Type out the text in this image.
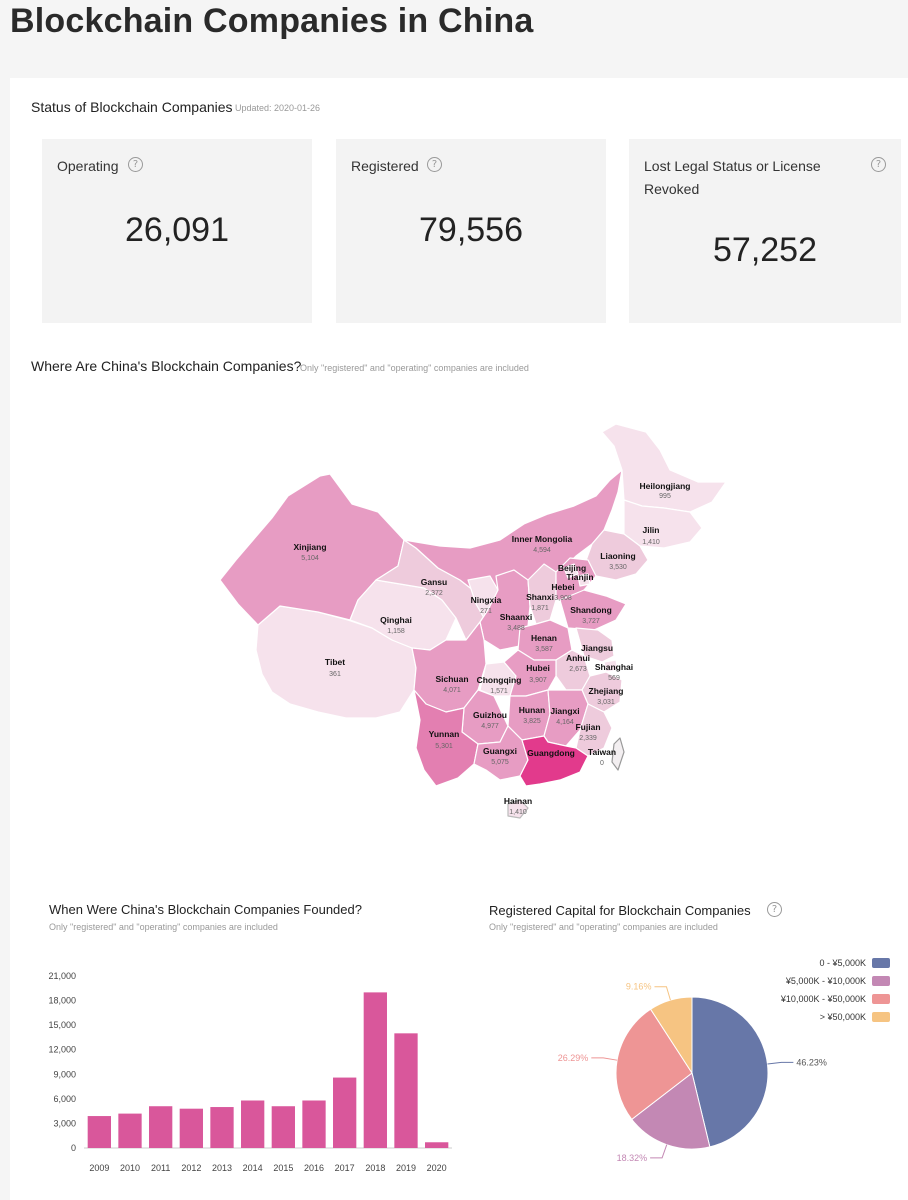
Blockchain Companies in China
Status of Blockchain Companies Updated: 2020-01-26
Operating	?
26,091
Registered	?
79,556
Lost Legal Status or License
Revoked
?
57,252
Where Are China's Blockchain Companies?
Only "registered" and "operating" companies are included
Heilongjiang
995
Jilin
1,410
Liaoning
3,530
Inner Mongolia
4,594
Xinjiang
5,104
Beijing
Tianjin
Hebei
3,908
Gansu
2,372
Ningxia
271
Shanxi
1,871	Shandong
3,727
Qinghai
1,158
Shaanxi
3,488
Henan
3,587	Jiangsu
Anhui
2,673 Shanghai
569
Tibet
361	Sichuan
4,071
Chongqing
1,571
Hubei
3,907
Zhejiang
3,031
Hunan
3,825
Jiangxi
4,164
Guizhou
4,977	Fujian
2,339
Yunnan
5,301	Guangxi
5,075
Guangdong Taiwan
0
Hainan
1,410
When Were China's Blockchain Companies Founded?
Only "registered" and "operating" companies are included
0
3,000
6,000
9,000
12,000
15,000
18,000
21,000
2009 2010 2011 2012 2013 2014 2015 2016 2017 2018 2019 2020
Registered Capital for Blockchain Companies	?
Only "registered" and "operating" companies are included
46.23%
18.32%
26.29%
9.16%
0 - ¥5,000K
¥5,000K - ¥10,000K
¥10,000K - ¥50,000K
> ¥50,000K
